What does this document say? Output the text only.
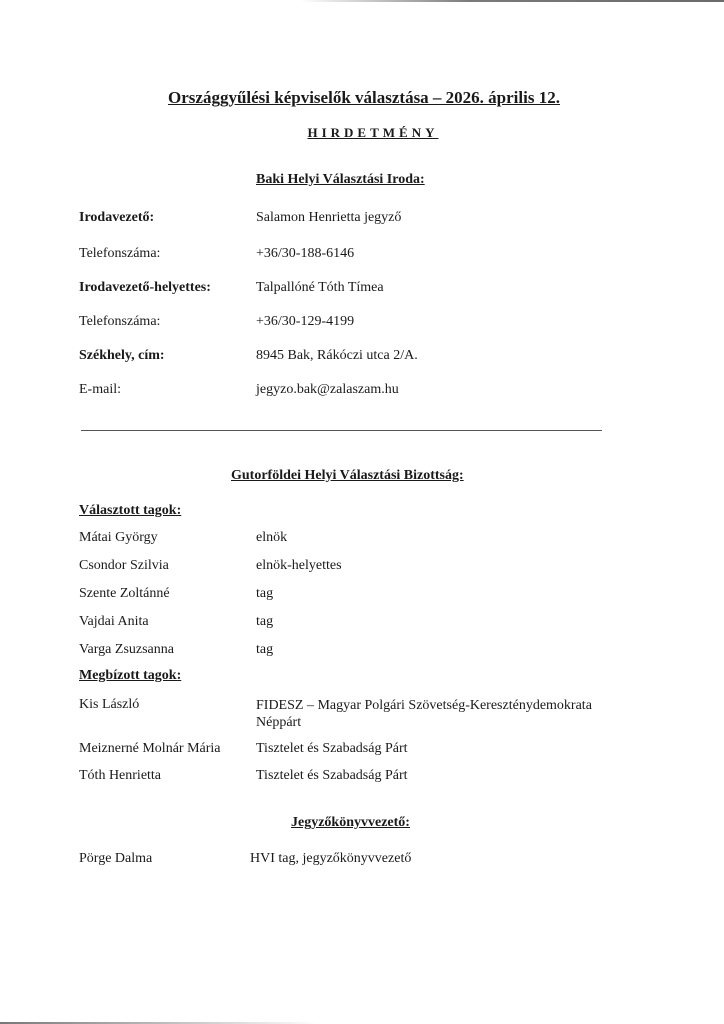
Országgyűlési képviselők választása – 2026. április 12.
HIRDETMÉNY
Baki Helyi Választási Iroda:
Irodavezető:	Salamon Henrietta jegyző
Telefonszáma:	+36/30-188-6146
Irodavezető-helyettes:	Talpallóné Tóth Tímea
Telefonszáma:	+36/30-129-4199
Székhely, cím:	8945 Bak, Rákóczi utca 2/A.
E-mail:	jegyzo.bak@zalaszam.hu
Gutorföldei Helyi Választási Bizottság:
Választott tagok:
Mátai György	elnök
Csondor Szilvia	elnök-helyettes
Szente Zoltánné	tag
Vajdai Anita	tag
Varga Zsuzsanna	tag
Megbízott tagok:
Kis László	FIDESZ – Magyar Polgári Szövetség-Kereszténydemokrata Néppárt
Meiznerné Molnár Mária	Tisztelet és Szabadság Párt
Tóth Henrietta	Tisztelet és Szabadság Párt
Jegyzőkönyvvezető:
Pörge Dalma	HVI tag, jegyzőkönyvvezető
